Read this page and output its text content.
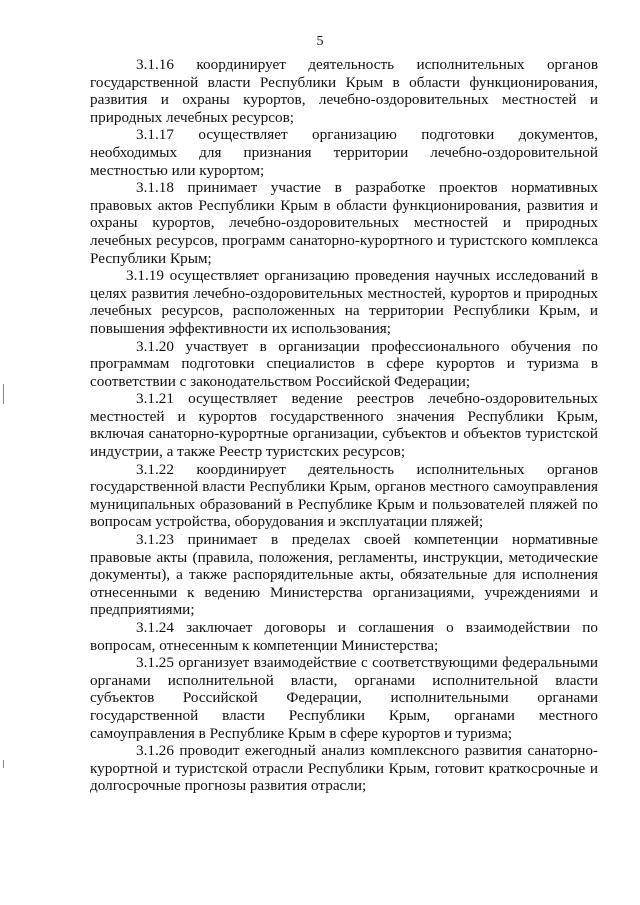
5

3.1.16 координирует деятельность исполнительных органов государственной власти Республики Крым в области функционирования, развития и охраны курортов, лечебно-оздоровительных местностей и природных лечебных ресурсов;

3.1.17 осуществляет организацию подготовки документов, необходимых для признания территории лечебно-оздоровительной местностью или курортом;

3.1.18 принимает участие в разработке проектов нормативных правовых актов Республики Крым в области функционирования, развития и охраны курортов, лечебно-оздоровительных местностей и природных лечебных ресурсов, программ санаторно-курортного и туристского комплекса Республики Крым;

3.1.19 осуществляет организацию проведения научных исследований в целях развития лечебно-оздоровительных местностей, курортов и природных лечебных ресурсов, расположенных на территории Республики Крым, и повышения эффективности их использования;

3.1.20 участвует в организации профессионального обучения по программам подготовки специалистов в сфере курортов и туризма в соответствии с законодательством Российской Федерации;

3.1.21 осуществляет ведение реестров лечебно-оздоровительных местностей и курортов государственного значения Республики Крым, включая санаторно-курортные организации, субъектов и объектов туристской индустрии, а также Реестр туристских ресурсов;

3.1.22 координирует деятельность исполнительных органов государственной власти Республики Крым, органов местного самоуправления муниципальных образований в Республике Крым и пользователей пляжей по вопросам устройства, оборудования и эксплуатации пляжей;

3.1.23 принимает в пределах своей компетенции нормативные правовые акты (правила, положения, регламенты, инструкции, методические документы), а также распорядительные акты, обязательные для исполнения отнесенными к ведению Министерства организациями, учреждениями и предприятиями;

3.1.24 заключает договоры и соглашения о взаимодействии по вопросам, отнесенным к компетенции Министерства;

3.1.25 организует взаимодействие с соответствующими федеральными органами исполнительной власти, органами исполнительной власти субъектов Российской Федерации, исполнительными органами государственной власти Республики Крым, органами местного самоуправления в Республике Крым в сфере курортов и туризма;

3.1.26 проводит ежегодный анализ комплексного развития санаторно-курортной и туристской отрасли Республики Крым, готовит краткосрочные и долгосрочные прогнозы развития отрасли;
